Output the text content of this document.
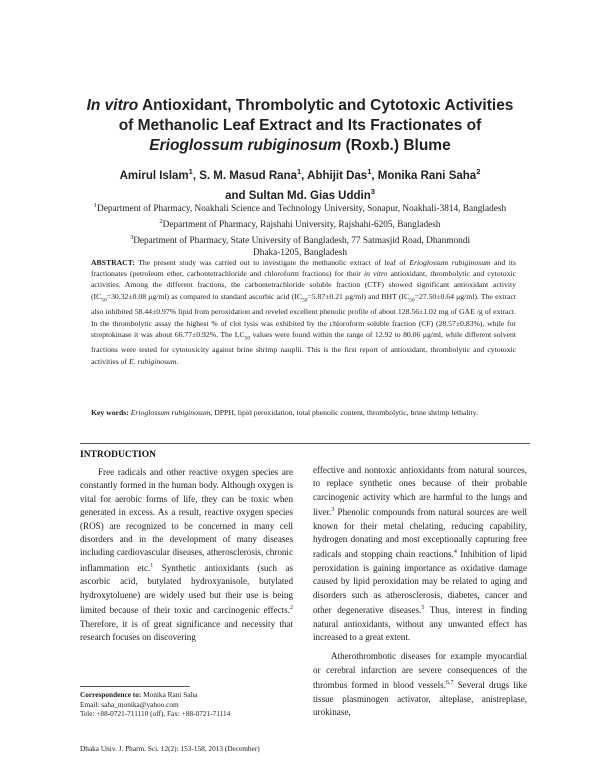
In vitro Antioxidant, Thrombolytic and Cytotoxic Activities
of Methanolic Leaf Extract and Its Fractionates of
Erioglossum rubiginosum (Roxb.) Blume
Amirul Islam$^1$, S. M. Masud Rana$^1$, Abhijit Das$^1$, Monika Rani Saha$^2$
and Sultan Md. Gias Uddin$^3$
$^1$Department of Pharmacy, Noakhali Science and Technology University, Sonapur, Noakhali-3814, Bangladesh
$^2$Department of Pharmacy, Rajshahi University, Rajshahi-6205, Bangladesh
$^3$Department of Pharmacy, State University of Bangladesh, 77 Satmasjid Road, Dhanmondi
Dhaka-1205, Bangladesh
ABSTRACT: The present study was carried out to investigate the methanolic extract of leaf of Erioglossum rubiginosum and its fractionates (petroleum ether, carbontetrachloride and chloroform fractions) for their in vitro antioxidant, thrombolytic and cytotoxic activities. Among the different fractions, the carbontetrachloride soluble fraction (CTF) showed significant antioxidant activity ($IC_{50}=30.32\pm 0.08$ μg/ml) as compared to standard ascorbic acid ($IC_{50}=5.87\pm 0.21$ μg/ml) and BHT ($IC_{50}=27.50\pm 0.64$ μg/ml). The extract also inhibited 58.44±0.97% lipid from peroxidation and reveled excellent phenolic profile of about 128.56±1.02 mg of GAE /g of extract. In the thrombolytic assay the highest % of clot lysis was exhibited by the chloroform soluble fraction (CF) (28.57±0.83%), while for streptokinase it was about 66.77±0.92%. The $LC_{50}$ values were found within the range of 12.92 to 80.06 μg/ml, while different solvent fractions were tested for cytotoxicity against brine shrimp nauplii. This is the first report of antioxidant, thrombolytic and cytotoxic activities of E. rubiginosum.
Key words: Erioglossum rubiginosum, DPPH, lipid peroxidation, total phenolic content, thrombolytic, brine shrimp lethality.
INTRODUCTION
Free radicals and other reactive oxygen species are constantly formed in the human body. Although oxygen is vital for aerobic forms of life, they can be toxic when generated in excess. As a result, reactive oxygen species (ROS) are recognized to be concerned in many cell disorders and in the development of many diseases including cardiovascular diseases, atherosclerosis, chronic inflammation etc.$^1$ Synthetic antioxidants (such as ascorbic acid, butylated hydroxyanisole, butylated hydroxytoluene) are widely used but their use is being limited because of their toxic and carcinogenic effects.$^2$ Therefore, it is of great significance and necessity that research focuses on discovering
effective and nontoxic antioxidants from natural sources, to replace synthetic ones because of their probable carcinogenic activity which are harmful to the lungs and liver.$^3$ Phenolic compounds from natural sources are well known for their metal chelating, reducing capability, hydrogen donating and most exceptionally capturing free radicals and stopping chain reactions.$^4$ Inhibition of lipid peroxidation is gaining importance as oxidative damage caused by lipid peroxidation may be related to aging and disorders such as atherosclerosis, diabetes, cancer and other degenerative diseases.$^5$ Thus, interest in finding natural antioxidants, without any unwanted effect has increased to a great extent.
Atherothrombotic diseases for example myocardial or cerebral infarction are severe consequences of the thrombus formed in blood vessels.$^{6,7}$ Several drugs like tissue plasminogen activator, alteplase, anistreplase, urokinase,
Correspondence to: Monika Rani Saha
Email: saha_monika@yahoo.com
Tele: +88-0721-711110 (off), Fax: +88-0721-71114
Dhaka Univ. J. Pharm. Sci. 12(2): 153-158, 2013 (December)
